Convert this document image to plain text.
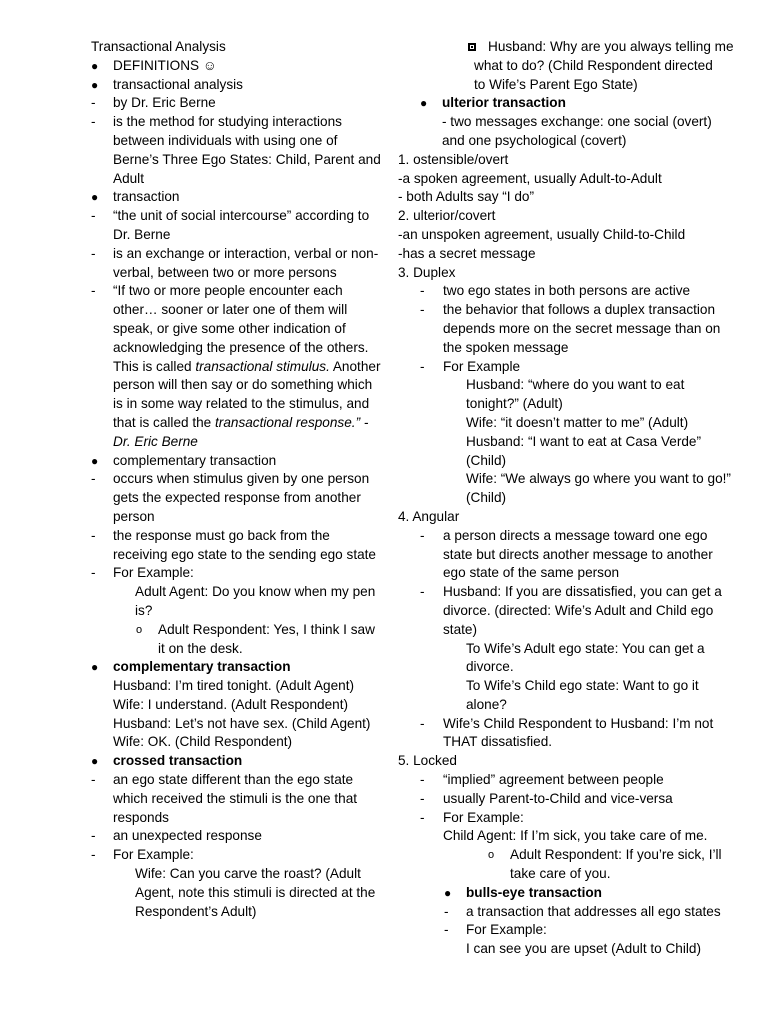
Transactional Analysis
● DEFINITIONS ☺
● transactional analysis
- by Dr. Eric Berne
- is the method for studying interactions
between individuals with using one of
Berne’s Three Ego States: Child, Parent and
Adult
● transaction
- “the unit of social intercourse” according to
Dr. Berne
- is an exchange or interaction, verbal or non-
verbal, between two or more persons
- “If two or more people encounter each
other… sooner or later one of them will
speak, or give some other indication of
acknowledging the presence of the others.
This is called transactional stimulus. Another
person will then say or do something which
is in some way related to the stimulus, and
that is called the transactional response.” -
Dr. Eric Berne
● complementary transaction
- occurs when stimulus given by one person
gets the expected response from another
person
- the response must go back from the
receiving ego state to the sending ego state
- For Example:
Adult Agent: Do you know when my pen
is?
o Adult Respondent: Yes, I think I saw
it on the desk.
● complementary transaction
Husband: I’m tired tonight. (Adult Agent)
Wife: I understand. (Adult Respondent)
Husband: Let’s not have sex. (Child Agent)
Wife: OK. (Child Respondent)
● crossed transaction
- an ego state different than the ego state
which received the stimuli is the one that
responds
- an unexpected response
- For Example:
Wife: Can you carve the roast? (Adult
Agent, note this stimuli is directed at the
Respondent’s Adult)
Husband: Why are you always telling me
what to do? (Child Respondent directed
to Wife’s Parent Ego State)
● ulterior transaction
- two messages exchange: one social (overt)
and one psychological (covert)
1. ostensible/overt
-a spoken agreement, usually Adult-to-Adult
- both Adults say “I do”
2. ulterior/covert
-an unspoken agreement, usually Child-to-Child
-has a secret message
3. Duplex
- two ego states in both persons are active
- the behavior that follows a duplex transaction
depends more on the secret message than on
the spoken message
- For Example
Husband: “where do you want to eat
tonight?” (Adult)
Wife: “it doesn’t matter to me” (Adult)
Husband: “I want to eat at Casa Verde”
(Child)
Wife: “We always go where you want to go!”
(Child)
4. Angular
- a person directs a message toward one ego
state but directs another message to another
ego state of the same person
- Husband: If you are dissatisfied, you can get a
divorce. (directed: Wife’s Adult and Child ego
state)
To Wife’s Adult ego state: You can get a
divorce.
To Wife’s Child ego state: Want to go it
alone?
- Wife’s Child Respondent to Husband: I’m not
THAT dissatisfied.
5. Locked
- “implied” agreement between people
- usually Parent-to-Child and vice-versa
- For Example:
Child Agent: If I’m sick, you take care of me.
o Adult Respondent: If you’re sick, I’ll
take care of you.
● bulls-eye transaction
- a transaction that addresses all ego states
- For Example:
I can see you are upset (Adult to Child)
